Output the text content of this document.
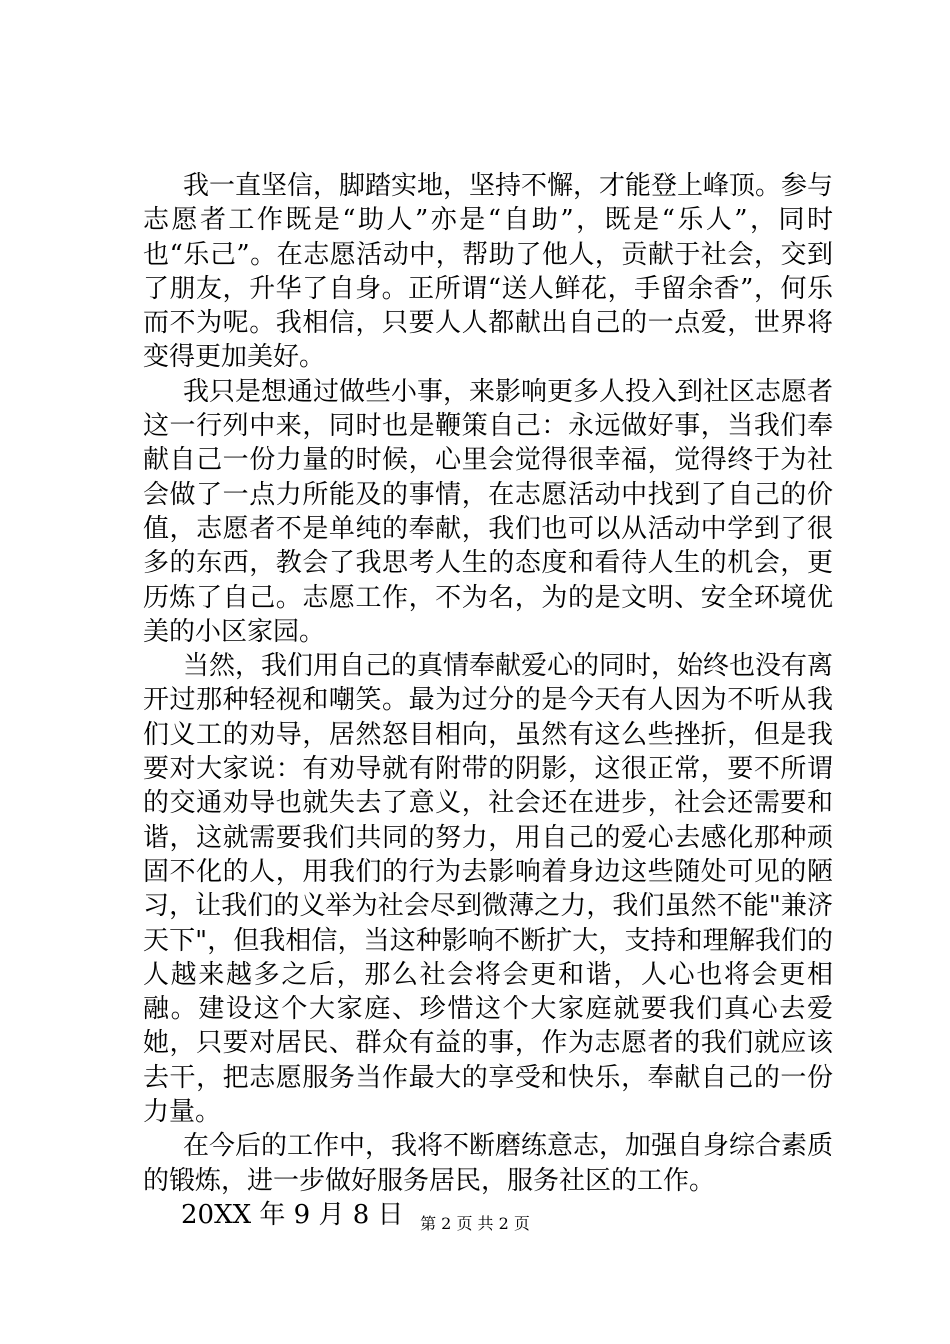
我一直坚信，脚踏实地，坚持不懈，才能登上峰顶。参与志愿者工作既是“助人”亦是“自助”，既是“乐人”，同时也“乐己”。在志愿活动中，帮助了他人，贡献于社会，交到了朋友，升华了自身。正所谓“送人鲜花，手留余香”，何乐而不为呢。我相信，只要人人都献出自己的一点爱，世界将变得更加美好。

我只是想通过做些小事，来影响更多人投入到社区志愿者这一行列中来，同时也是鞭策自己：永远做好事，当我们奉献自己一份力量的时候，心里会觉得很幸福，觉得终于为社会做了一点力所能及的事情，在志愿活动中找到了自己的价值，志愿者不是单纯的奉献，我们也可以从活动中学到了很多的东西，教会了我思考人生的态度和看待人生的机会，更历炼了自己。志愿工作，不为名，为的是文明、安全环境优美的小区家园。

当然，我们用自己的真情奉献爱心的同时，始终也没有离开过那种轻视和嘲笑。最为过分的是今天有人因为不听从我们义工的劝导，居然怒目相向，虽然有这么些挫折，但是我要对大家说：有劝导就有附带的阴影，这很正常，要不所谓的交通劝导也就失去了意义，社会还在进步，社会还需要和谐，这就需要我们共同的努力，用自己的爱心去感化那种顽固不化的人，用我们的行为去影响着身边这些随处可见的陋习，让我们的义举为社会尽到微薄之力，我们虽然不能"兼济天下"，但我相信，当这种影响不断扩大，支持和理解我们的人越来越多之后，那么社会将会更和谐，人心也将会更相融。建设这个大家庭、珍惜这个大家庭就要我们真心去爱她，只要对居民、群众有益的事，作为志愿者的我们就应该去干，把志愿服务当作最大的享受和快乐，奉献自己的一份力量。

在今后的工作中，我将不断磨练意志，加强自身综合素质的锻炼，进一步做好服务居民，服务社区的工作。

20XX 年 9 月 8 日	第 2 页 共 2 页
